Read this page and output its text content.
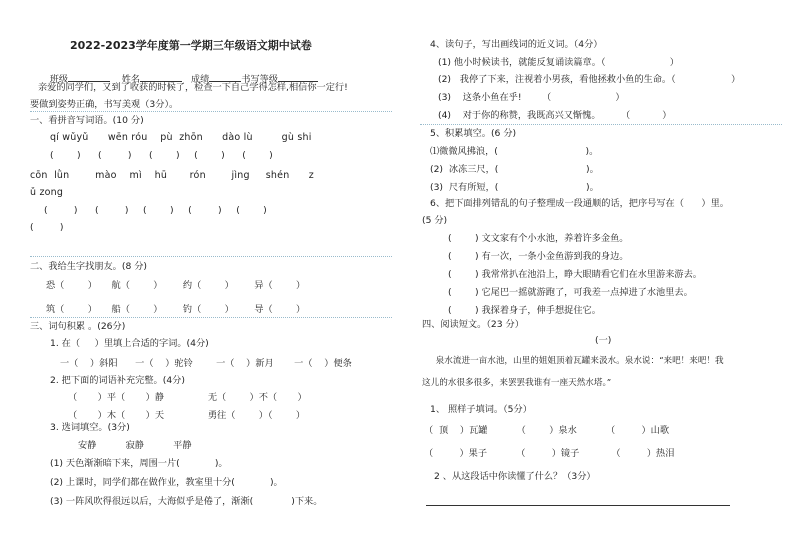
2022-2023学年度第一学期三年级语文期中试卷

班级	姓名	成绩	书写等级

亲爱的同学们，又到了收获的时候了，检查一下自己学得怎样,相信你一定行!
要做到姿势正确，书写美观（3分）。
一、看拼音写词语。(10 分)
qí wǔyǔ      wēn róu    pù  zhōn      dào lù         gù shi
(        )      (         )      (        )     (        )      (        )
cōn  lǜn        mào    mì    hū       rón        jìng     shén      z
ǔ zong
(         )      (         )     (        )     (         )     (        )
(         )
二、我给生字找朋友。(8 分)
恐（        ）     航（        ）       约（        ）       异（        ）
筑（        ）     船（        ）       钓（        ）       导（        ）
三、词句积累 。(26分)
1. 在（     ）里填上合适的字词。(4分)
一（    ）斜阳      一（    ）驼铃        一（    ）新月       一（    ）便条
2. 把下面的词语补充完整。(4分)
（       ）平（       ）静               无（        ）不（       ）
（       ）木（       ）天               勇往（        ）（        ）
3. 选词填空。(3分)
安静          寂静          平静
(1) 天色渐渐暗下来，周围一片(            )。
(2) 上课时，同学们都在做作业，教室里十分(            )。
(3) 一阵风吹得很远以后，大海似乎是倦了，渐渐(             )下来。
4、读句子，写出画线词的近义词。（4分）
(1) 他小时候读书，就能反复诵读篇章。（                      ）
(2)   我停了下来，注视着小男孩，看他拯救小鱼的生命。（                   ）
(3)    这条小鱼在乎!       （                      ）
(4)    对于你的称赞，我既高兴又惭愧。       （           ）
5、积累填空。(6 分)
⑴微微风拂浪，(                              )。
(2)  冰冻三尺，(                              )。
(3)  尺有所短，(                              )。
6、把下面排列错乱的句子整理成一段通顺的话，把序号写在（      ）里。
(5 分)
(        ) 文文家有个小水池，养着许多金鱼。
(        ) 有一次，一条小金鱼游到我的身边。
(        ) 我常常扒在池沿上，睁大眼睛看它们在水里游来游去。
(        ) 它尾巴一摇就游跑了，可我差一点掉进了水池里去。
(        ) 我探着身子，伸手想捉住它。
四、阅读短文。（23 分）
(一)
泉水流进一亩水池，山里的姐姐顶着瓦罐来汲水。泉水说：“来吧！来吧！我
这儿的水很多很多，来罢罢我谁有一座天然水塔。”
1、 照样子填词。（5分）
（  顶    ）瓦罐          （        ）泉水          （         ）山歌
（         ）果子          （         ）镜子           （         ）热泪
2 、从这段话中你读懂了什么？（3分）
